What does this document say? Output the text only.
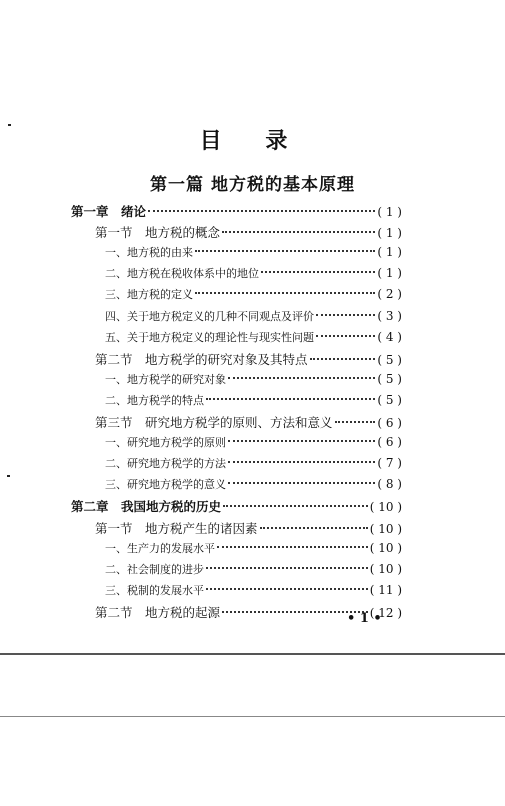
目 录
第一篇 地方税的基本原理
第一章　绪论	( 1 )
第一节　地方税的概念	( 1 )
一、地方税的由来	( 1 )
二、地方税在税收体系中的地位	( 1 )
三、地方税的定义	( 2 )
四、关于地方税定义的几种不同观点及评价	( 3 )
五、关于地方税定义的理论性与现实性问题	( 4 )
第二节　地方税学的研究对象及其特点	( 5 )
一、地方税学的研究对象	( 5 )
二、地方税学的特点	( 5 )
第三节　研究地方税学的原则、方法和意义	( 6 )
一、研究地方税学的原则	( 6 )
二、研究地方税学的方法	( 7 )
三、研究地方税学的意义	( 8 )
第二章　我国地方税的历史	( 10 )
第一节　地方税产生的诸因素	( 10 )
一、生产力的发展水平	( 10 )
二、社会制度的进步	( 10 )
三、税制的发展水平	( 11 )
第二节　地方税的起源	( 12 )
• 1 •
